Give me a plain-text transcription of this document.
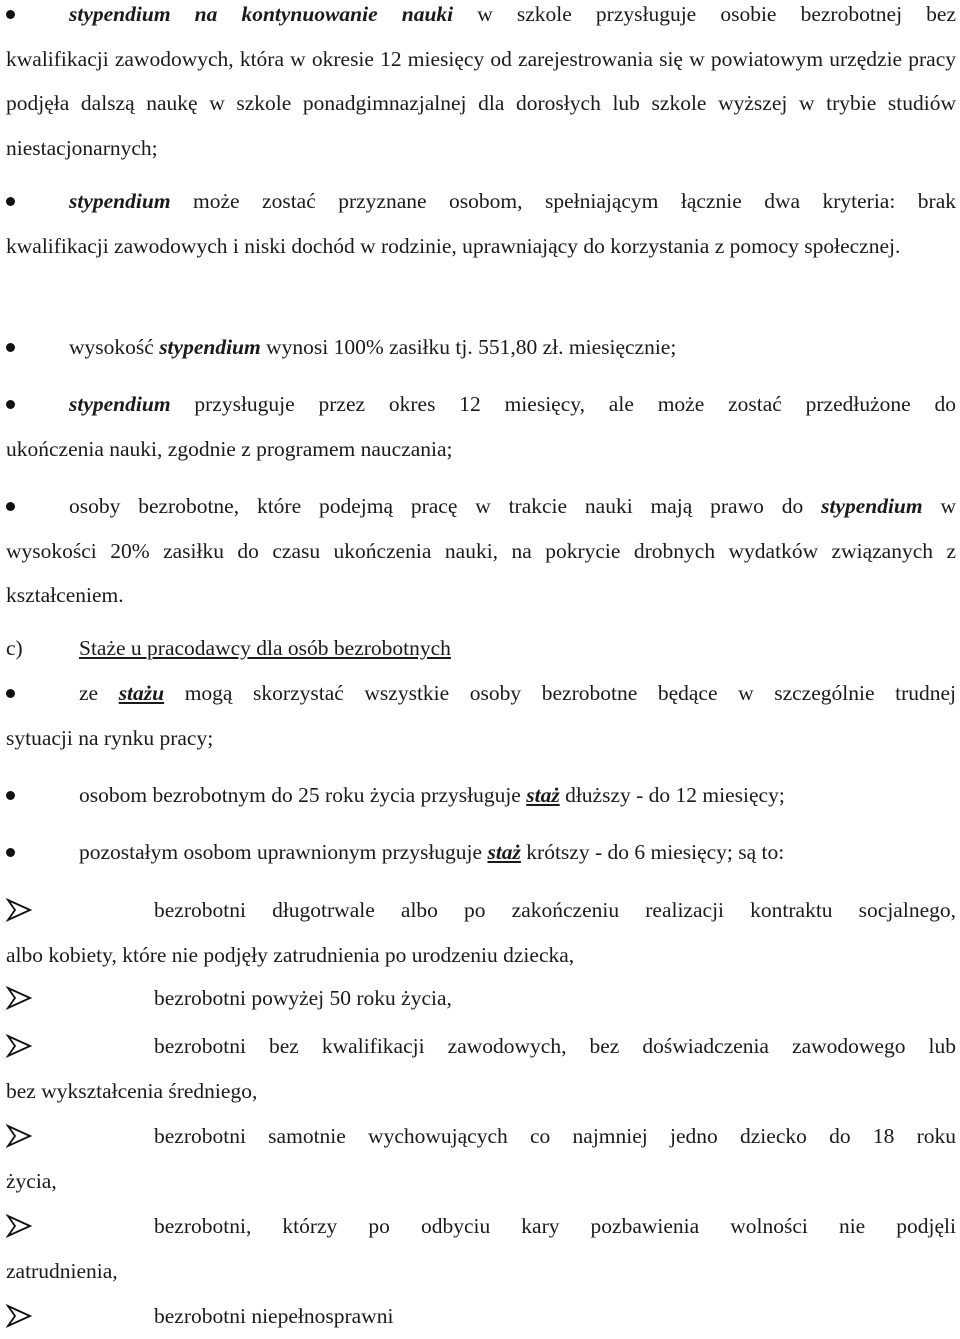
stypendium na kontynuowanie nauki w szkole przysługuje osobie bezrobotnej bez
kwalifikacji zawodowych, która w okresie 12 miesięcy od zarejestrowania się w powiatowym urzędzie pracy podjęła dalszą naukę w szkole ponadgimnazjalnej dla dorosłych lub szkole wyższej w trybie studiów niestacjonarnych;
stypendium może zostać przyznane osobom, spełniającym łącznie dwa kryteria: brak
kwalifikacji zawodowych i niski dochód w rodzinie, uprawniający do korzystania z pomocy społecznej.
wysokość stypendium wynosi 100% zasiłku tj. 551,80 zł. miesięcznie;
stypendium przysługuje przez okres 12 miesięcy, ale może zostać przedłużone do
ukończenia nauki, zgodnie z programem nauczania;
osoby bezrobotne, które podejmą pracę w trakcie nauki mają prawo do stypendium w
wysokości 20% zasiłku do czasu ukończenia nauki, na pokrycie drobnych wydatków związanych z kształceniem.
c)	Staże u pracodawcy dla osób bezrobotnych
ze stażu mogą skorzystać wszystkie osoby bezrobotne będące w szczególnie trudnej
sytuacji na rynku pracy;
osobom bezrobotnym do 25 roku życia przysługuje staż dłuższy - do 12 miesięcy;
pozostałym osobom uprawnionym przysługuje staż krótszy - do 6 miesięcy; są to:
bezrobotni długotrwale albo po zakończeniu realizacji kontraktu socjalnego,
albo kobiety, które nie podjęły zatrudnienia po urodzeniu dziecka,
bezrobotni powyżej 50 roku życia,
bezrobotni bez kwalifikacji zawodowych, bez doświadczenia zawodowego lub
bez wykształcenia średniego,
bezrobotni samotnie wychowujących co najmniej jedno dziecko do 18 roku
życia,
bezrobotni, którzy po odbyciu kary pozbawienia wolności nie podjęli
zatrudnienia,
bezrobotni niepełnosprawni
